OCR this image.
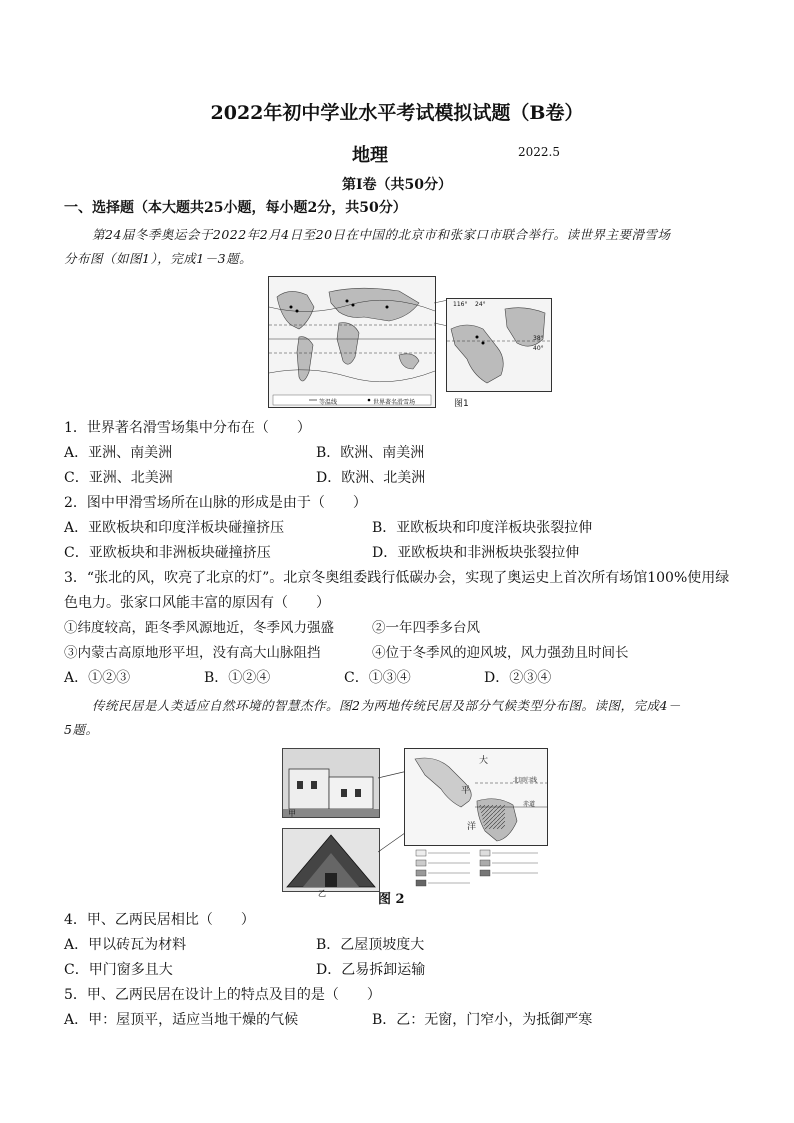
2022年初中学业水平考试模拟试题（B卷）
地理	2022.5
第Ⅰ卷（共50分）
一、选择题（本大题共25小题，每小题2分，共50分）
第24届冬季奥运会于2022年2月4日至20日在中国的北京市和张家口市联合举行。读世界主要滑雪场
分布图（如图1），完成1－3题。
等温线	世界著名滑雪场
116° 24°
38°
40°
图1
1．世界著名滑雪场集中分布在（　　）
A．亚洲、南美洲	B．欧洲、南美洲
C．亚洲、北美洲	D．欧洲、北美洲
2．图中甲滑雪场所在山脉的形成是由于（　　）
A．亚欧板块和印度洋板块碰撞挤压	B．亚欧板块和印度洋板块张裂拉伸
C．亚欧板块和非洲板块碰撞挤压	D．亚欧板块和非洲板块张裂拉伸
3．“张北的风，吹亮了北京的灯”。北京冬奥组委践行低碳办会，实现了奥运史上首次所有场馆100%使用绿
色电力。张家口风能丰富的原因有（　　）
①纬度较高，距冬季风源地近，冬季风力强盛	②一年四季多台风
③内蒙古高原地形平坦，没有高大山脉阻挡	④位于冬季风的迎风坡，风力强劲且时间长
A．①②③	B．①②④	C．①③④	D．②③④
传统民居是人类适应自然环境的智慧杰作。图2为两地传统民居及部分气候类型分布图。读图，完成4－
5题。
甲
乙
大
北回归线
平
赤道
洋
图 2
4．甲、乙两民居相比（　　）
A．甲以砖瓦为材料	B．乙屋顶坡度大
C．甲门窗多且大	D．乙易拆卸运输
5．甲、乙两民居在设计上的特点及目的是（　　）
A．甲：屋顶平，适应当地干燥的气候	B．乙：无窗，门窄小，为抵御严寒
